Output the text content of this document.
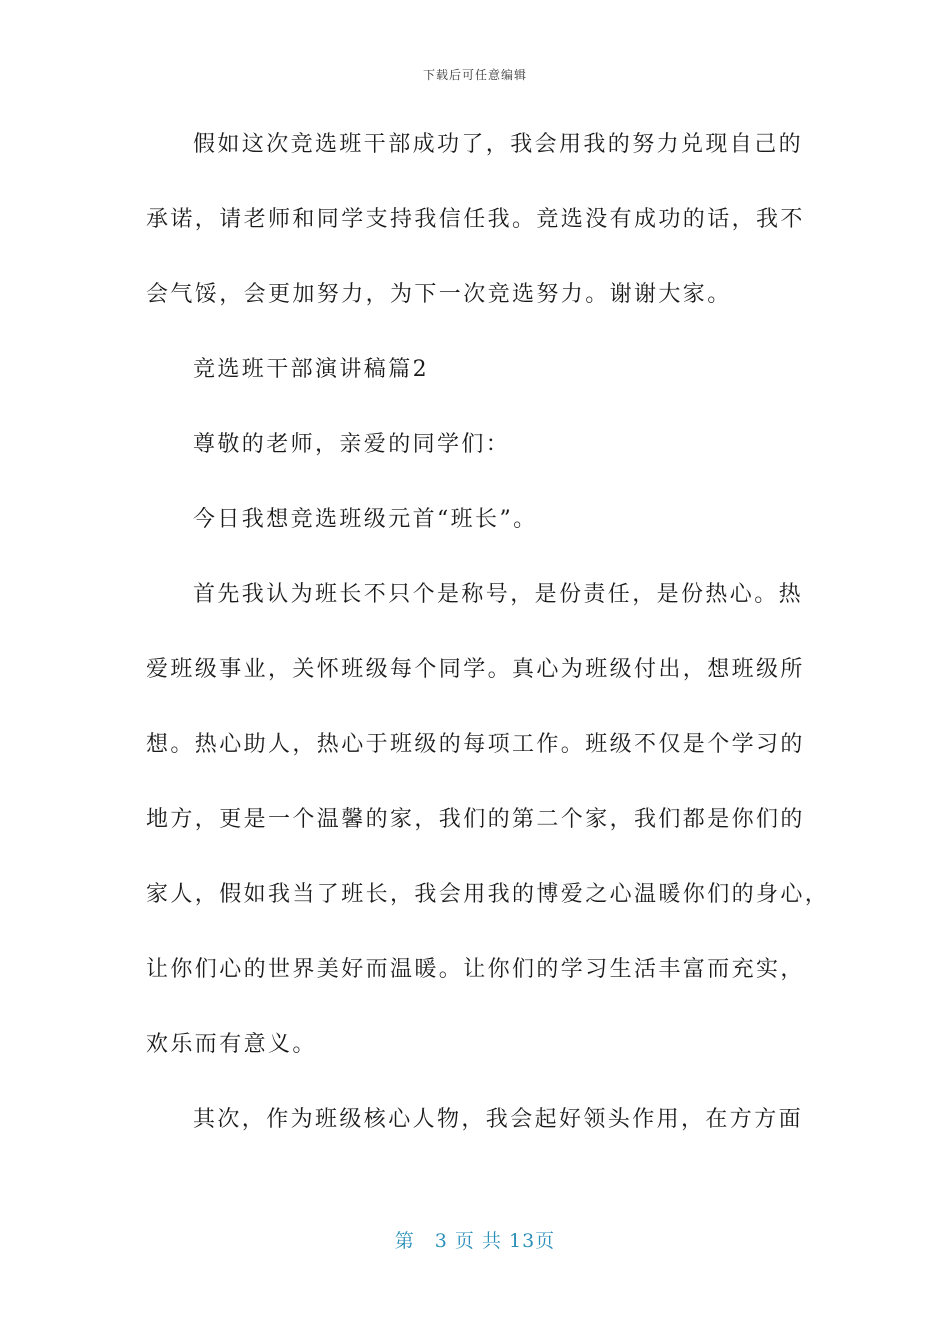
下载后可任意编辑
假如这次竞选班干部成功了，我会用我的努力兑现自己的
承诺，请老师和同学支持我信任我。竞选没有成功的话，我不
会气馁，会更加努力，为下一次竞选努力。谢谢大家。
竞选班干部演讲稿篇2
尊敬的老师，亲爱的同学们：
今日我想竞选班级元首“班长”。
首先我认为班长不只个是称号，是份责任，是份热心。热
爱班级事业，关怀班级每个同学。真心为班级付出，想班级所
想。热心助人，热心于班级的每项工作。班级不仅是个学习的
地方，更是一个温馨的家，我们的第二个家，我们都是你们的
家人，假如我当了班长，我会用我的博爱之心温暖你们的身心，
让你们心的世界美好而温暖。让你们的学习生活丰富而充实，
欢乐而有意义。
其次，作为班级核心人物，我会起好领头作用，在方方面
第　3 页 共 13页
